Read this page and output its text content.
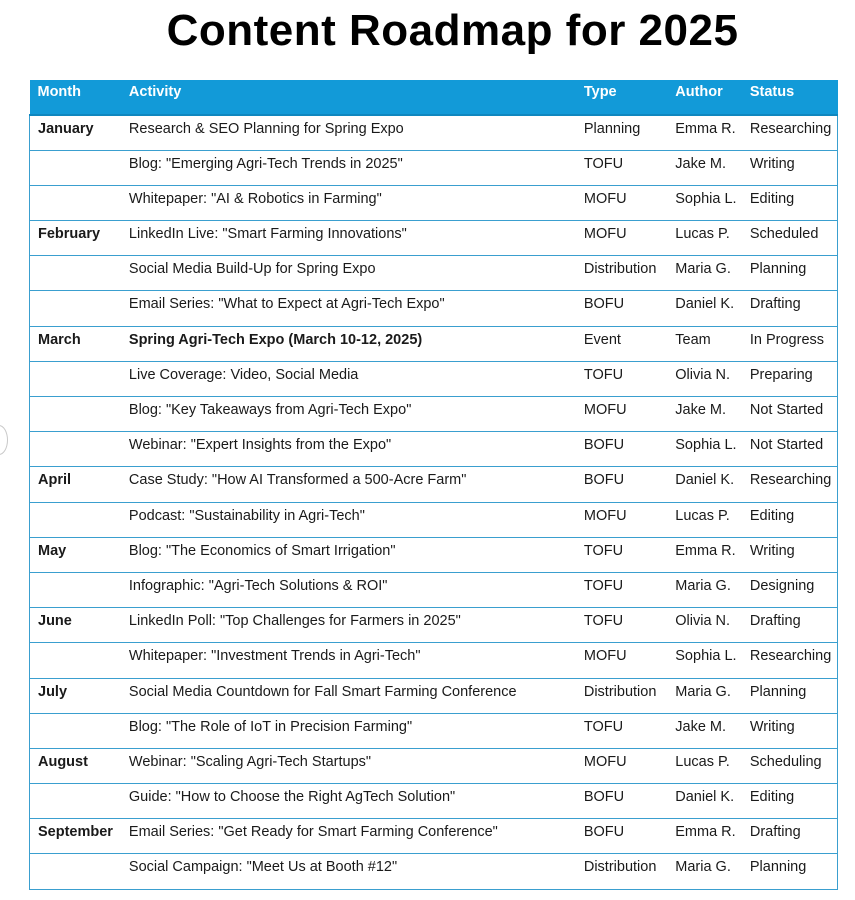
Content Roadmap for 2025
Month	Activity	Type	Author	Status
January	Research & SEO Planning for Spring Expo	Planning	Emma R.	Researching
	Blog: "Emerging Agri-Tech Trends in 2025"	TOFU	Jake M.	Writing
	Whitepaper: "AI & Robotics in Farming"	MOFU	Sophia L.	Editing
February	LinkedIn Live: "Smart Farming Innovations"	MOFU	Lucas P.	Scheduled
	Social Media Build-Up for Spring Expo	Distribution	Maria G.	Planning
	Email Series: "What to Expect at Agri-Tech Expo"	BOFU	Daniel K.	Drafting
March	Spring Agri-Tech Expo (March 10-12, 2025)	Event	Team	In Progress
	Live Coverage: Video, Social Media	TOFU	Olivia N.	Preparing
	Blog: "Key Takeaways from Agri-Tech Expo"	MOFU	Jake M.	Not Started
	Webinar: "Expert Insights from the Expo"	BOFU	Sophia L.	Not Started
April	Case Study: "How AI Transformed a 500-Acre Farm"	BOFU	Daniel K.	Researching
	Podcast: "Sustainability in Agri-Tech"	MOFU	Lucas P.	Editing
May	Blog: "The Economics of Smart Irrigation"	TOFU	Emma R.	Writing
	Infographic: "Agri-Tech Solutions & ROI"	TOFU	Maria G.	Designing
June	LinkedIn Poll: "Top Challenges for Farmers in 2025"	TOFU	Olivia N.	Drafting
	Whitepaper: "Investment Trends in Agri-Tech"	MOFU	Sophia L.	Researching
July	Social Media Countdown for Fall Smart Farming Conference	Distribution	Maria G.	Planning
	Blog: "The Role of IoT in Precision Farming"	TOFU	Jake M.	Writing
August	Webinar: "Scaling Agri-Tech Startups"	MOFU	Lucas P.	Scheduling
	Guide: "How to Choose the Right AgTech Solution"	BOFU	Daniel K.	Editing
September	Email Series: "Get Ready for Smart Farming Conference"	BOFU	Emma R.	Drafting
	Social Campaign: "Meet Us at Booth #12"	Distribution	Maria G.	Planning
